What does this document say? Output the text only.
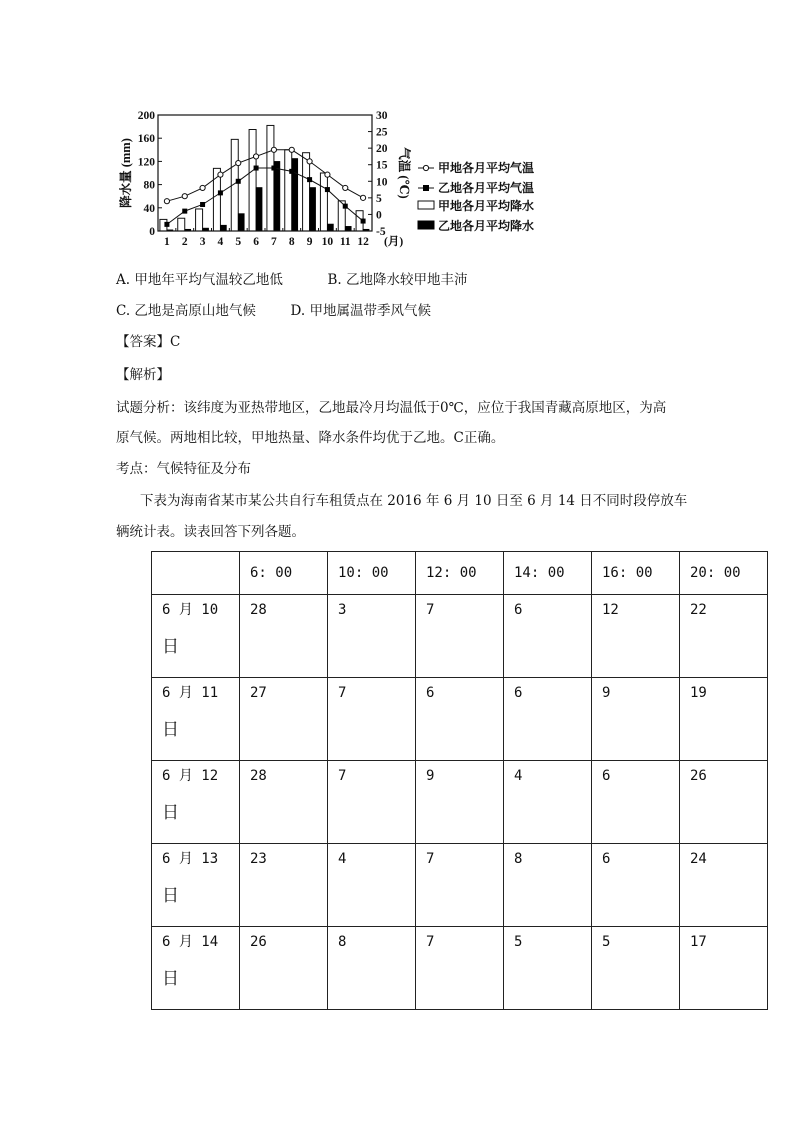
0
40
80
120
160
200
-5
0
5
10
15
20
25
30
1 2 3 4 5 6 7 8 9 10 11 12 (月)
降水量 (mm)	气温 (℃) 甲地各月平均气温
乙地各月平均气温
甲地各月平均降水
乙地各月平均降水
A. 甲地年平均气温较乙地低	B. 乙地降水较甲地丰沛
C. 乙地是高原山地气候	D. 甲地属温带季风气候
【答案】C
【解析】
试题分析：该纬度为亚热带地区，乙地最冷月均温低于0℃，应位于我国青藏高原地区，为高
原气候。两地相比较，甲地热量、降水条件均优于乙地。C正确。
考点：气候特征及分布
下表为海南省某市某公共自行车租赁点在 2016 年 6 月 10 日至 6 月 14 日不同时段停放车
辆统计表。读表回答下列各题。
	6: 00	10: 00	12: 00	14: 00	16: 00	20: 00

6 月 10
日	28	3	7	6	12	22

6 月 11
日	27	7	6	6	9	19

6 月 12
日	28	7	9	4	6	26

6 月 13
日	23	4	7	8	6	24

6 月 14
日	26	8	7	5	5	17
